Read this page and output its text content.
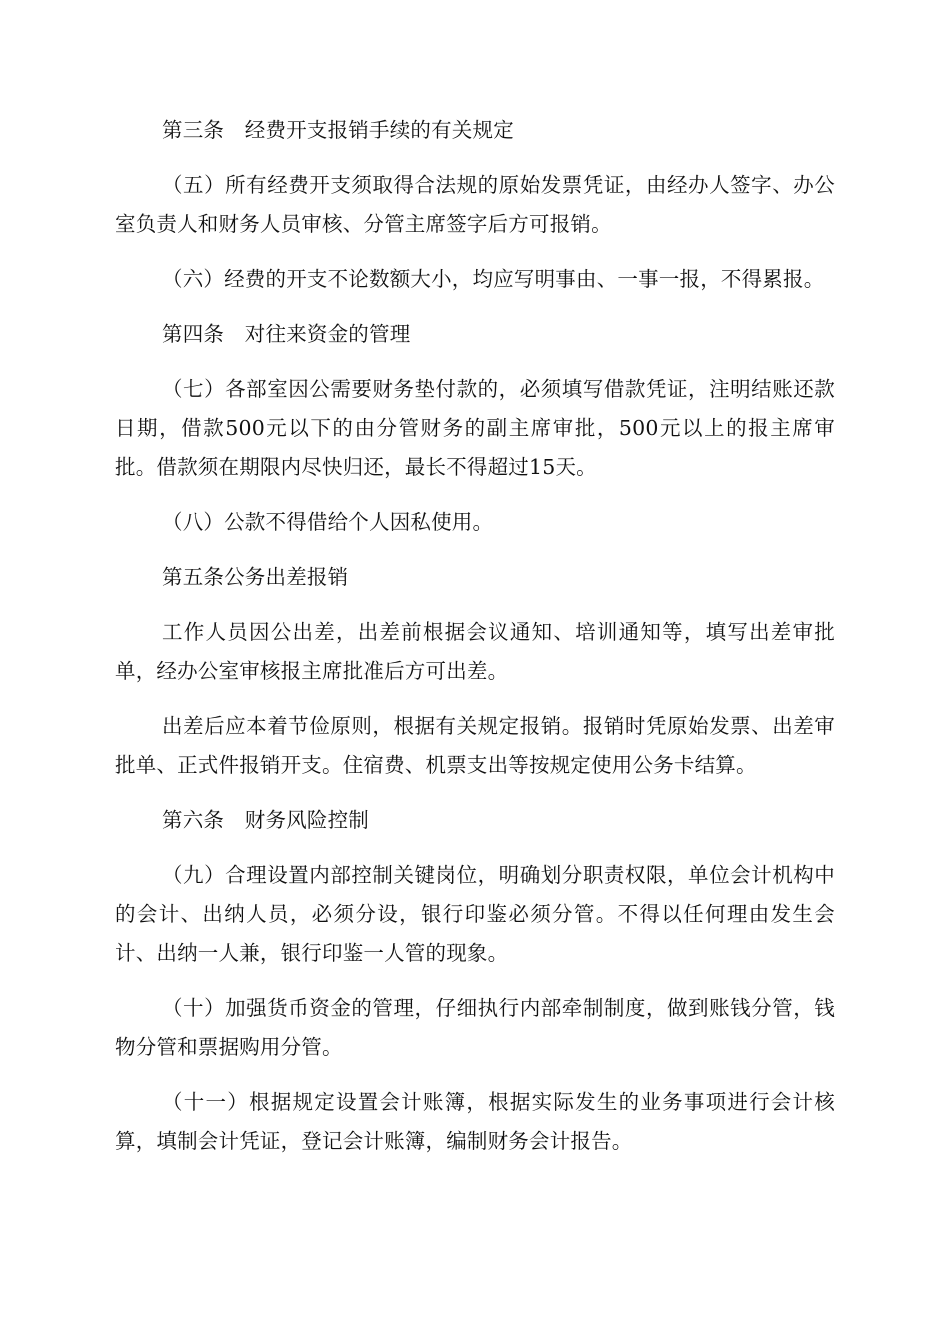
第三条　经费开支报销手续的有关规定

（五）所有经费开支须取得合法规的原始发票凭证，由经办人签字、办公室负责人和财务人员审核、分管主席签字后方可报销。

（六）经费的开支不论数额大小，均应写明事由、一事一报，不得累报。

第四条　对往来资金的管理

（七）各部室因公需要财务垫付款的，必须填写借款凭证，注明结账还款日期，借款500元以下的由分管财务的副主席审批，500元以上的报主席审批。借款须在期限内尽快归还，最长不得超过15天。

（八）公款不得借给个人因私使用。

第五条公务出差报销

工作人员因公出差，出差前根据会议通知、培训通知等，填写出差审批单，经办公室审核报主席批准后方可出差。

出差后应本着节俭原则，根据有关规定报销。报销时凭原始发票、出差审批单、正式件报销开支。住宿费、机票支出等按规定使用公务卡结算。

第六条　财务风险控制

（九）合理设置内部控制关键岗位，明确划分职责权限，单位会计机构中的会计、出纳人员，必须分设，银行印鉴必须分管。不得以任何理由发生会计、出纳一人兼，银行印鉴一人管的现象。

（十）加强货币资金的管理，仔细执行内部牵制制度，做到账钱分管，钱物分管和票据购用分管。

（十一）根据规定设置会计账簿，根据实际发生的业务事项进行会计核算，填制会计凭证，登记会计账簿，编制财务会计报告。
